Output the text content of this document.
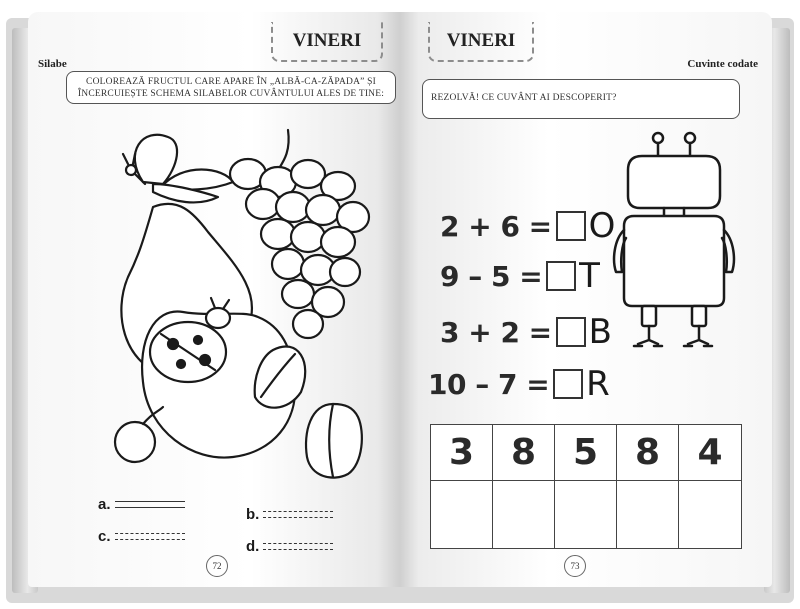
VINERI
Silabe
COLOREAZĂ FRUCTUL CARE APARE ÎN „ALBĂ-CA-ZĂPADA” ȘI
ÎNCERCUIEȘTE SCHEMA SILABELOR CUVÂNTULUI ALES DE TINE:
a.
b.
c.
d.
72
VINERI
Cuvinte codate
REZOLVĂ! CE CUVÂNT AI DESCOPERIT?
2 + 6 = O
9 – 5 = T
3 + 2 = B
10 – 7 = R
3	8	5	8	4
73
